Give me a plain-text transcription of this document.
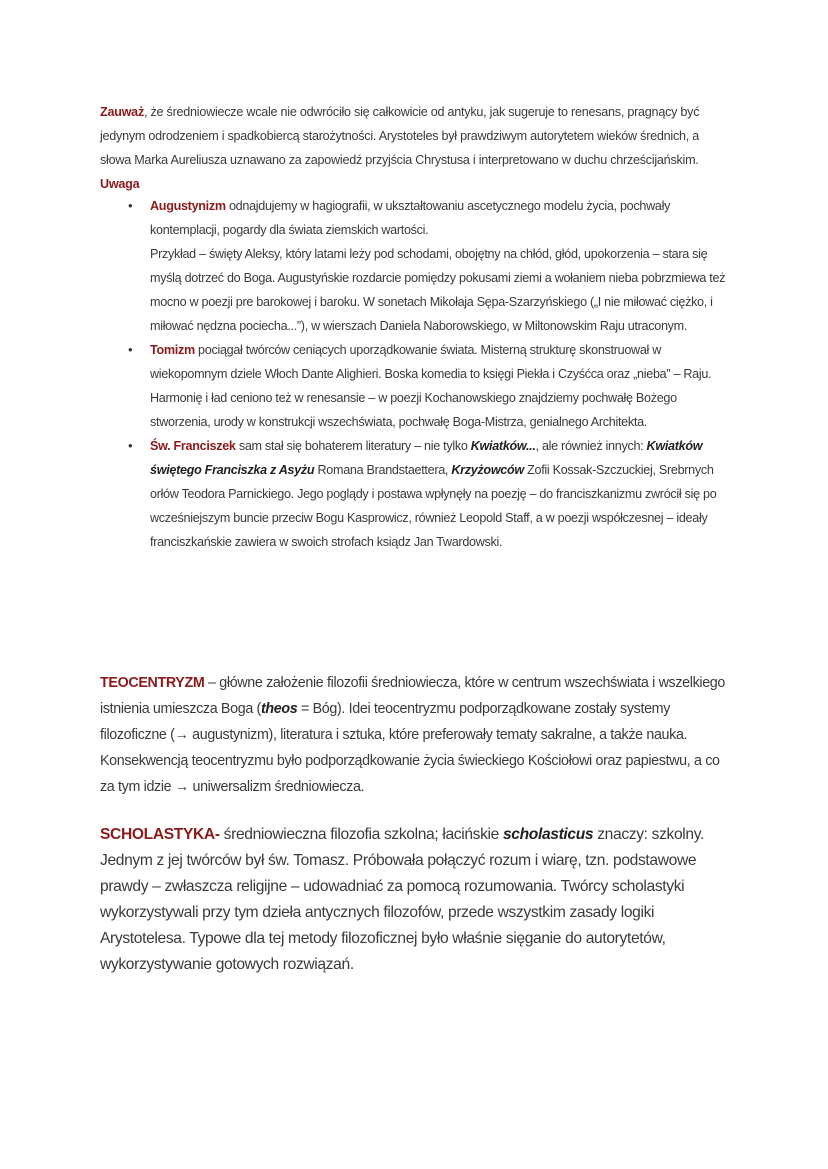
Zauważ, że średniowiecze wcale nie odwróciło się całkowicie od antyku, jak sugeruje to renesans, pragnący być jedynym odrodzeniem i spadkobiercą starożytności. Arystoteles był prawdziwym autorytetem wieków średnich, a słowa Marka Aureliusza uznawano za zapowiedź przyjścia Chrystusa i interpretowano w duchu chrześcijańskim.

Uwaga

• Augustynizm odnajdujemy w hagiografii, w ukształtowaniu ascetycznego modelu życia, pochwały kontemplacji, pogardy dla świata ziemskich wartości.

Przykład – święty Aleksy, który latami leży pod schodami, obojętny na chłód, głód, upokorzenia – stara się myślą dotrzeć do Boga. Augustyńskie rozdarcie pomiędzy pokusami ziemi a wołaniem nieba pobrzmiewa też mocno w poezji pre barokowej i baroku. W sonetach Mikołaja Sępa-Szarzyńskiego („I nie miłować ciężko, i miłować nędzna pociecha...”), w wierszach Daniela Naborowskiego, w Miltonowskim Raju utraconym.

• Tomizm pociągał twórców ceniących uporządkowanie świata. Misterną strukturę skonstruował w wiekopomnym dziele Włoch Dante Alighieri. Boska komedia to księgi Piekła i Czyśćca oraz „nieba” – Raju. Harmonię i ład ceniono też w renesansie – w poezji Kochanowskiego znajdziemy pochwałę Bożego stworzenia, urody w konstrukcji wszechświata, pochwałę Boga-Mistrza, genialnego Architekta.

• Św. Franciszek sam stał się bohaterem literatury – nie tylko Kwiatków..., ale również innych: Kwiatków świętego Franciszka z Asyżu Romana Brandstaettera, Krzyżowców Zofii Kossak-Szczuckiej, Srebrnych orłów Teodora Parnickiego. Jego poglądy i postawa wpłynęły na poezję – do franciszkanizmu zwrócił się po wcześniejszym buncie przeciw Bogu Kasprowicz, również Leopold Staff, a w poezji współczesnej – ideały franciszkańskie zawiera w swoich strofach ksiądz Jan Twardowski.

TEOCENTRYZM – główne założenie filozofii średniowiecza, które w centrum wszechświata i wszelkiego istnienia umieszcza Boga (theos = Bóg). Idei teocentryzmu podporządkowane zostały systemy filozoficzne (→ augustynizm), literatura i sztuka, które preferowały tematy sakralne, a także nauka. Konsekwencją teocentryzmu było podporządkowanie życia świeckiego Kościołowi oraz papiestwu, a co za tym idzie → uniwersalizm średniowiecza.

SCHOLASTYKA- średniowieczna filozofia szkolna; łacińskie scholasticus znaczy: szkolny. Jednym z jej twórców był św. Tomasz. Próbowała połączyć rozum i wiarę, tzn. podstawowe prawdy – zwłaszcza religijne – udowadniać za pomocą rozumowania. Twórcy scholastyki wykorzystywali przy tym dzieła antycznych filozofów, przede wszystkim zasady logiki Arystotelesa. Typowe dla tej metody filozoficznej było właśnie sięganie do autorytetów, wykorzystywanie gotowych rozwiązań.
